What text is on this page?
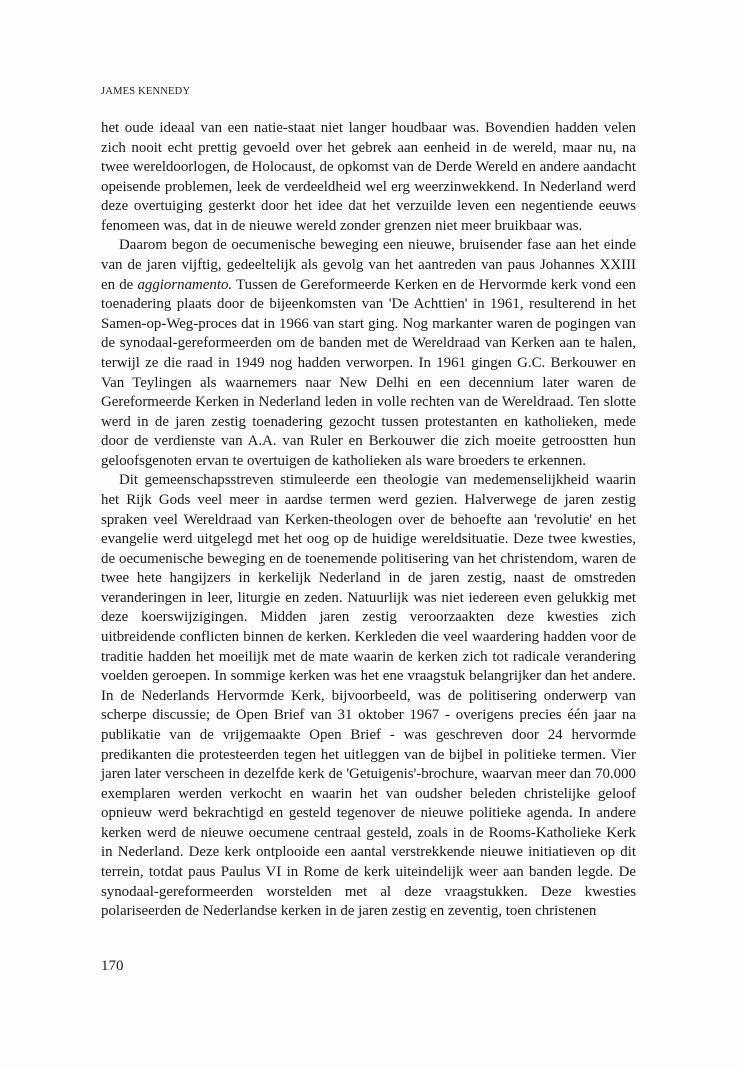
JAMES KENNEDY

het oude ideaal van een natie-staat niet langer houdbaar was. Bovendien hadden velen zich nooit echt prettig gevoeld over het gebrek aan eenheid in de wereld, maar nu, na twee wereldoorlogen, de Holocaust, de opkomst van de Derde Wereld en andere aandacht opeisende problemen, leek de verdeeldheid wel erg weerzinwekkend. In Nederland werd deze overtuiging gesterkt door het idee dat het verzuilde leven een negentiende eeuws fenomeen was, dat in de nieuwe wereld zonder grenzen niet meer bruikbaar was.

Daarom begon de oecumenische beweging een nieuwe, bruisender fase aan het einde van de jaren vijftig, gedeeltelijk als gevolg van het aantreden van paus Johannes XXIII en de aggiornamento. Tussen de Gereformeerde Kerken en de Hervormde kerk vond een toenadering plaats door de bijeenkomsten van 'De Achttien' in 1961, resulterend in het Samen-op-Weg-proces dat in 1966 van start ging. Nog markanter waren de pogingen van de synodaal-gereformeerden om de banden met de Wereldraad van Kerken aan te halen, terwijl ze die raad in 1949 nog hadden verworpen. In 1961 gingen G.C. Berkouwer en Van Teylingen als waarnemers naar New Delhi en een decennium later waren de Gereformeerde Kerken in Nederland leden in volle rechten van de Wereldraad. Ten slotte werd in de jaren zestig toenadering gezocht tussen protestanten en katholieken, mede door de verdienste van A.A. van Ruler en Berkouwer die zich moeite getroostten hun geloofsgenoten ervan te overtuigen de katholieken als ware broeders te erkennen.

Dit gemeenschapsstreven stimuleerde een theologie van medemenselijkheid waarin het Rijk Gods veel meer in aardse termen werd gezien. Halverwege de jaren zestig spraken veel Wereldraad van Kerken-theologen over de behoefte aan 'revolutie' en het evangelie werd uitgelegd met het oog op de huidige wereldsituatie. Deze twee kwesties, de oecumenische beweging en de toenemende politisering van het christendom, waren de twee hete hangijzers in kerkelijk Nederland in de jaren zestig, naast de omstreden veranderingen in leer, liturgie en zeden. Natuurlijk was niet iedereen even gelukkig met deze koerswijzigingen. Midden jaren zestig veroorzaakten deze kwesties zich uitbreidende conflicten binnen de kerken. Kerkleden die veel waardering hadden voor de traditie hadden het moeilijk met de mate waarin de kerken zich tot radicale verandering voelden geroepen. In sommige kerken was het ene vraagstuk belangrijker dan het andere. In de Nederlands Hervormde Kerk, bijvoorbeeld, was de politisering onderwerp van scherpe discussie; de Open Brief van 31 oktober 1967 - overigens precies één jaar na publikatie van de vrijgemaakte Open Brief - was geschreven door 24 hervormde predikanten die protesteerden tegen het uitleggen van de bijbel in politieke termen. Vier jaren later verscheen in dezelfde kerk de 'Getuigenis'-brochure, waarvan meer dan 70.000 exemplaren werden verkocht en waarin het van oudsher beleden christelijke geloof opnieuw werd bekrachtigd en gesteld tegenover de nieuwe politieke agenda. In andere kerken werd de nieuwe oecumene centraal gesteld, zoals in de Rooms-Katholieke Kerk in Nederland. Deze kerk ontplooide een aantal verstrekkende nieuwe initiatieven op dit terrein, totdat paus Paulus VI in Rome de kerk uiteindelijk weer aan banden legde. De synodaal-gereformeerden worstelden met al deze vraagstukken. Deze kwesties polariseerden de Nederlandse kerken in de jaren zestig en zeventig, toen christenen

170
